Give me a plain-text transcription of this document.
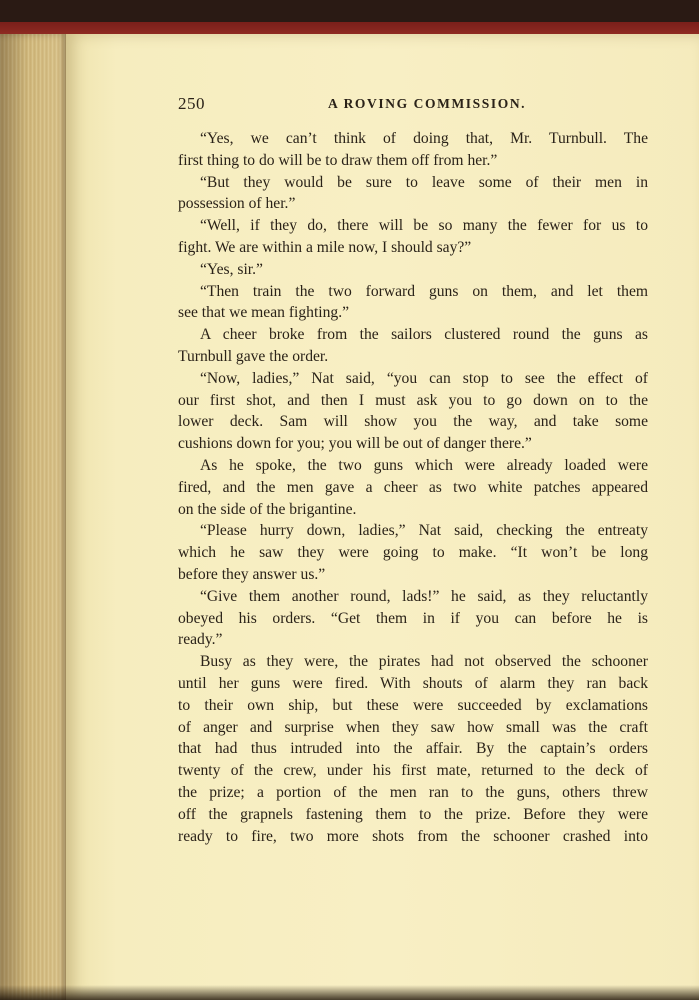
250	A ROVING COMMISSION.
“Yes, we can’t think of doing that, Mr. Turnbull. The
first thing to do will be to draw them off from her.”
“But they would be sure to leave some of their men in
possession of her.”
“Well, if they do, there will be so many the fewer for us to
fight. We are within a mile now, I should say?”
“Yes, sir.”
“Then train the two forward guns on them, and let them
see that we mean fighting.”
A cheer broke from the sailors clustered round the guns as
Turnbull gave the order.
“Now, ladies,” Nat said, “you can stop to see the effect of
our first shot, and then I must ask you to go down on to the
lower deck. Sam will show you the way, and take some
cushions down for you; you will be out of danger there.”
As he spoke, the two guns which were already loaded were
fired, and the men gave a cheer as two white patches appeared
on the side of the brigantine.
“Please hurry down, ladies,” Nat said, checking the entreaty
which he saw they were going to make. “It won’t be long
before they answer us.”
“Give them another round, lads!” he said, as they reluctantly
obeyed his orders. “Get them in if you can before he is
ready.”
Busy as they were, the pirates had not observed the schooner
until her guns were fired. With shouts of alarm they ran back
to their own ship, but these were succeeded by exclamations
of anger and surprise when they saw how small was the craft
that had thus intruded into the affair. By the captain’s orders
twenty of the crew, under his first mate, returned to the deck of
the prize; a portion of the men ran to the guns, others threw
off the grapnels fastening them to the prize. Before they were
ready to fire, two more shots from the schooner crashed into
